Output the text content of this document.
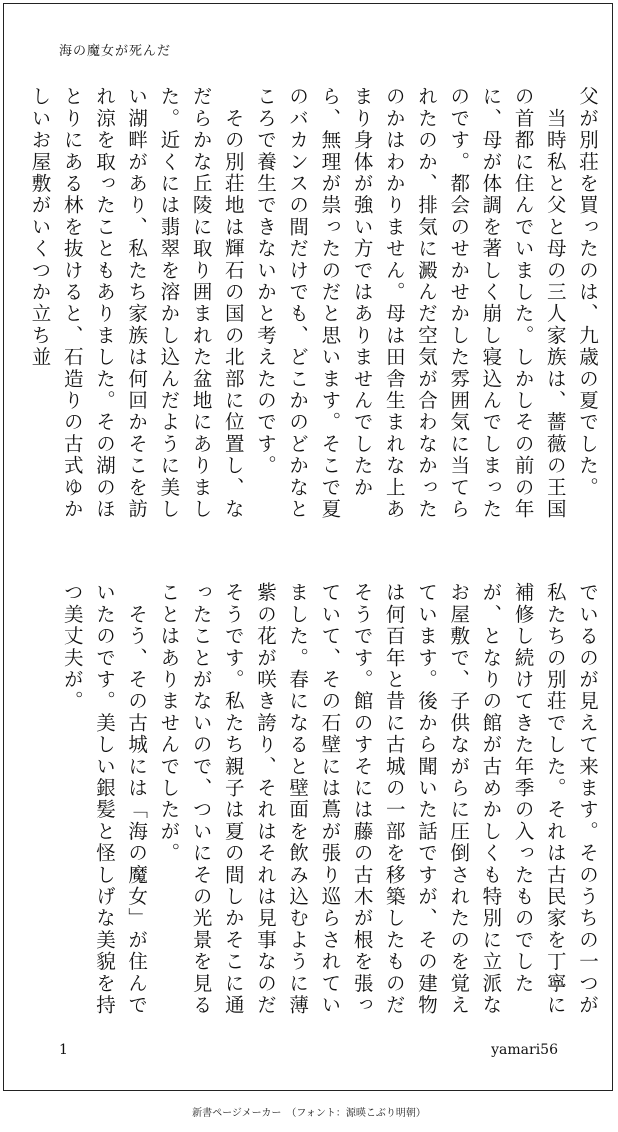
海の魔女が死んだ

父が別荘を買ったのは、九歳の夏でした。

　当時私と父と母の三人家族は、薔薇の王国の首都に住んでいました。しかしその前の年に、母が体調を著しく崩し寝込んでしまったのです。都会のせかせかした雰囲気に当てられたのか、排気に澱んだ空気が合わなかったのかはわかりません。母は田舎生まれな上あまり身体が強い方ではありませんでしたから、無理が祟ったのだと思います。そこで夏のバカンスの間だけでも、どこかのどかなところで養生できないかと考えたのです。

　その別荘地は輝石の国の北部に位置し、なだらかな丘陵に取り囲まれた盆地にありました。近くには翡翠を溶かし込んだように美しい湖畔があり、私たち家族は何回かそこを訪れ涼を取ったこともありました。その湖のほとりにある林を抜けると、石造りの古式ゆかしいお屋敷がいくつか立ち並

でいるのが見えて来ます。そのうちの一つが私たちの別荘でした。それは古民家を丁寧に補修し続けてきた年季の入ったものでしたが、となりの館が古めかしくも特別に立派なお屋敷で、子供ながらに圧倒されたのを覚えています。後から聞いた話ですが、その建物は何百年と昔に古城の一部を移築したものだそうです。館のすそには藤の古木が根を張っていて、その石壁には蔦が張り巡らされていました。春になると壁面を飲み込むように薄紫の花が咲き誇り、それはそれは見事なのだそうです。私たち親子は夏の間しかそこに通ったことがないので、ついにその光景を見ることはありませんでしたが。

　そう、その古城には「海の魔女」が住んでいたのです。美しい銀髪と怪しげな美貌を持つ美丈夫が。

1	yamari56
新書ページメーカー　（フォント：源暎こぶり明朝）
